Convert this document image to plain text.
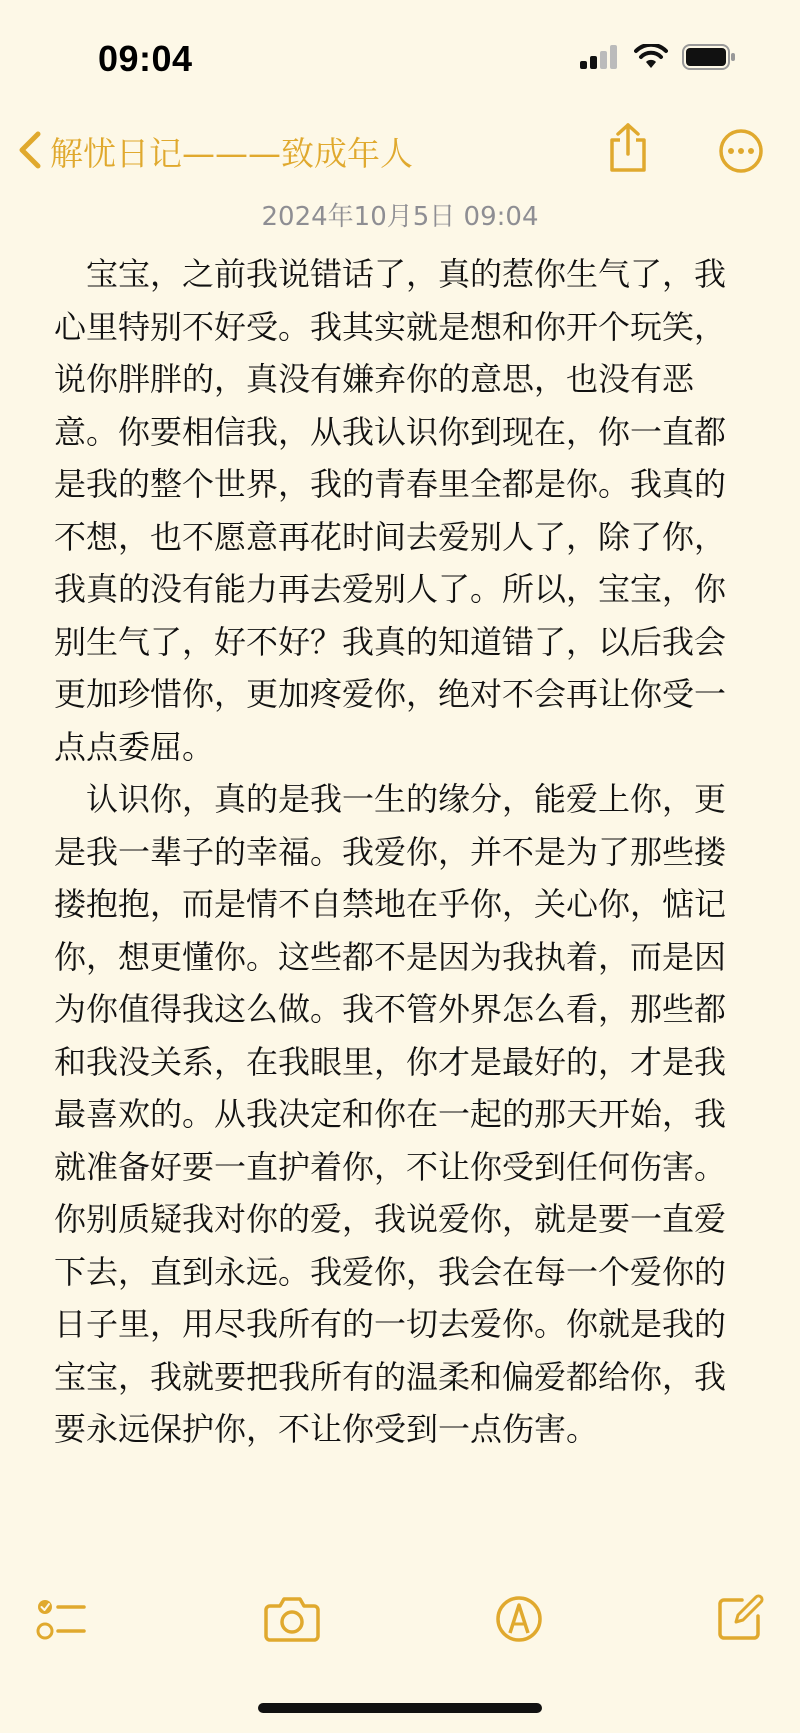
09:04
解忧日记———致成年人
2024年10月5日 09:04

　宝宝，之前我说错话了，真的惹你生气了，我心里特别不好受。我其实就是想和你开个玩笑，说你胖胖的，真没有嫌弃你的意思，也没有恶意。你要相信我，从我认识你到现在，你一直都是我的整个世界，我的青春里全都是你。我真的不想，也不愿意再花时间去爱别人了，除了你，我真的没有能力再去爱别人了。所以，宝宝，你别生气了，好不好？我真的知道错了，以后我会更加珍惜你，更加疼爱你，绝对不会再让你受一点点委屈。

　认识你，真的是我一生的缘分，能爱上你，更是我一辈子的幸福。我爱你，并不是为了那些搂搂抱抱，而是情不自禁地在乎你，关心你，惦记你，想更懂你。这些都不是因为我执着，而是因为你值得我这么做。我不管外界怎么看，那些都和我没关系，在我眼里，你才是最好的，才是我最喜欢的。从我决定和你在一起的那天开始，我就准备好要一直护着你，不让你受到任何伤害。

你别质疑我对你的爱，我说爱你，就是要一直爱下去，直到永远。我爱你，我会在每一个爱你的日子里，用尽我所有的一切去爱你。你就是我的宝宝，我就要把我所有的温柔和偏爱都给你，我要永远保护你，不让你受到一点伤害。
